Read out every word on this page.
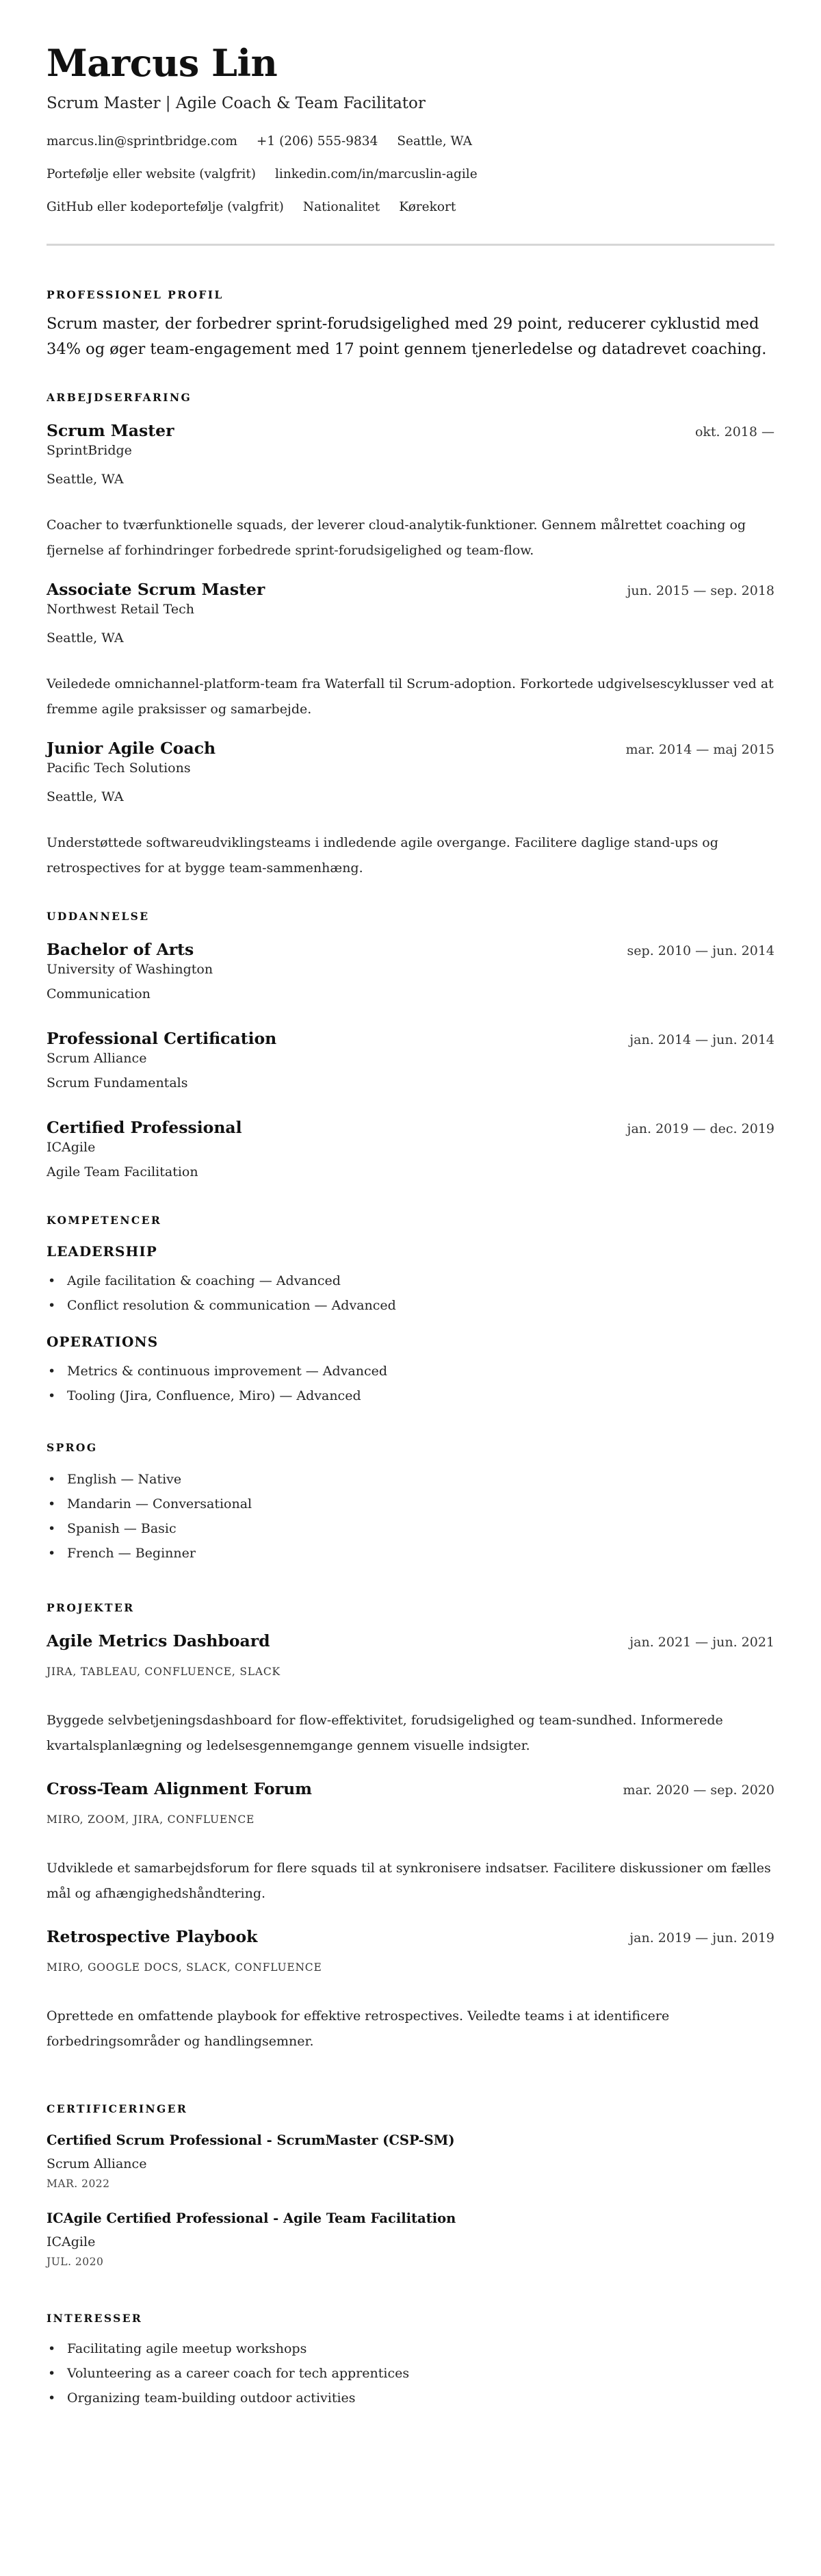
Marcus Lin
Scrum Master | Agile Coach & Team Facilitator
marcus.lin@sprintbridge.com +1 (206) 555-9834 Seattle, WA
Portefølje eller website (valgfrit) linkedin.com/in/marcuslin-agile
GitHub eller kodeportefølje (valgfrit) Nationalitet Kørekort
PROFESSIONEL PROFIL

Scrum master, der forbedrer sprint-forudsigelighed med 29 point, reducerer cyklustid med 34% og øger team-engagement med 17 point gennem tjenerledelse og datadrevet coaching.

ARBEJDSERFARING
Scrum Master	okt. 2018 —
SprintBridge
Seattle, WA

Coacher to tværfunktionelle squads, der leverer cloud-analytik-funktioner. Gennem målrettet coaching og fjernelse af forhindringer forbedrede sprint-forudsigelighed og team-flow.

Associate Scrum Master	jun. 2015 — sep. 2018
Northwest Retail Tech
Seattle, WA

Veiledede omnichannel-platform-team fra Waterfall til Scrum-adoption. Forkortede udgivelsescyklusser ved at fremme agile praksisser og samarbejde.

Junior Agile Coach	mar. 2014 — maj 2015
Pacific Tech Solutions
Seattle, WA

Understøttede softwareudviklingsteams i indledende agile overgange. Facilitere daglige stand-ups og retrospectives for at bygge team-sammenhæng.

UDDANNELSE
Bachelor of Arts	sep. 2010 — jun. 2014
University of Washington
Communication
Professional Certification	jan. 2014 — jun. 2014
Scrum Alliance
Scrum Fundamentals
Certified Professional	jan. 2019 — dec. 2019
ICAgile
Agile Team Facilitation
KOMPETENCER
LEADERSHIP
• Agile facilitation & coaching — Advanced
• Conflict resolution & communication — Advanced
OPERATIONS
• Metrics & continuous improvement — Advanced
• Tooling (Jira, Confluence, Miro) — Advanced
SPROG
• English — Native
• Mandarin — Conversational
• Spanish — Basic
• French — Beginner
PROJEKTER
Agile Metrics Dashboard	jan. 2021 — jun. 2021
JIRA, TABLEAU, CONFLUENCE, SLACK

Byggede selvbetjeningsdashboard for flow-effektivitet, forudsigelighed og team-sundhed. Informerede kvartalsplanlægning og ledelsesgennemgange gennem visuelle indsigter.

Cross-Team Alignment Forum	mar. 2020 — sep. 2020
MIRO, ZOOM, JIRA, CONFLUENCE

Udviklede et samarbejdsforum for flere squads til at synkronisere indsatser. Facilitere diskussioner om fælles mål og afhængighedshåndtering.

Retrospective Playbook	jan. 2019 — jun. 2019
MIRO, GOOGLE DOCS, SLACK, CONFLUENCE

Oprettede en omfattende playbook for effektive retrospectives. Veiledte teams i at identificere forbedringsområder og handlingsemner.

CERTIFICERINGER
Certified Scrum Professional - ScrumMaster (CSP-SM)
Scrum Alliance
MAR. 2022
ICAgile Certified Professional - Agile Team Facilitation
ICAgile
JUL. 2020
INTERESSER
• Facilitating agile meetup workshops
• Volunteering as a career coach for tech apprentices
• Organizing team-building outdoor activities
